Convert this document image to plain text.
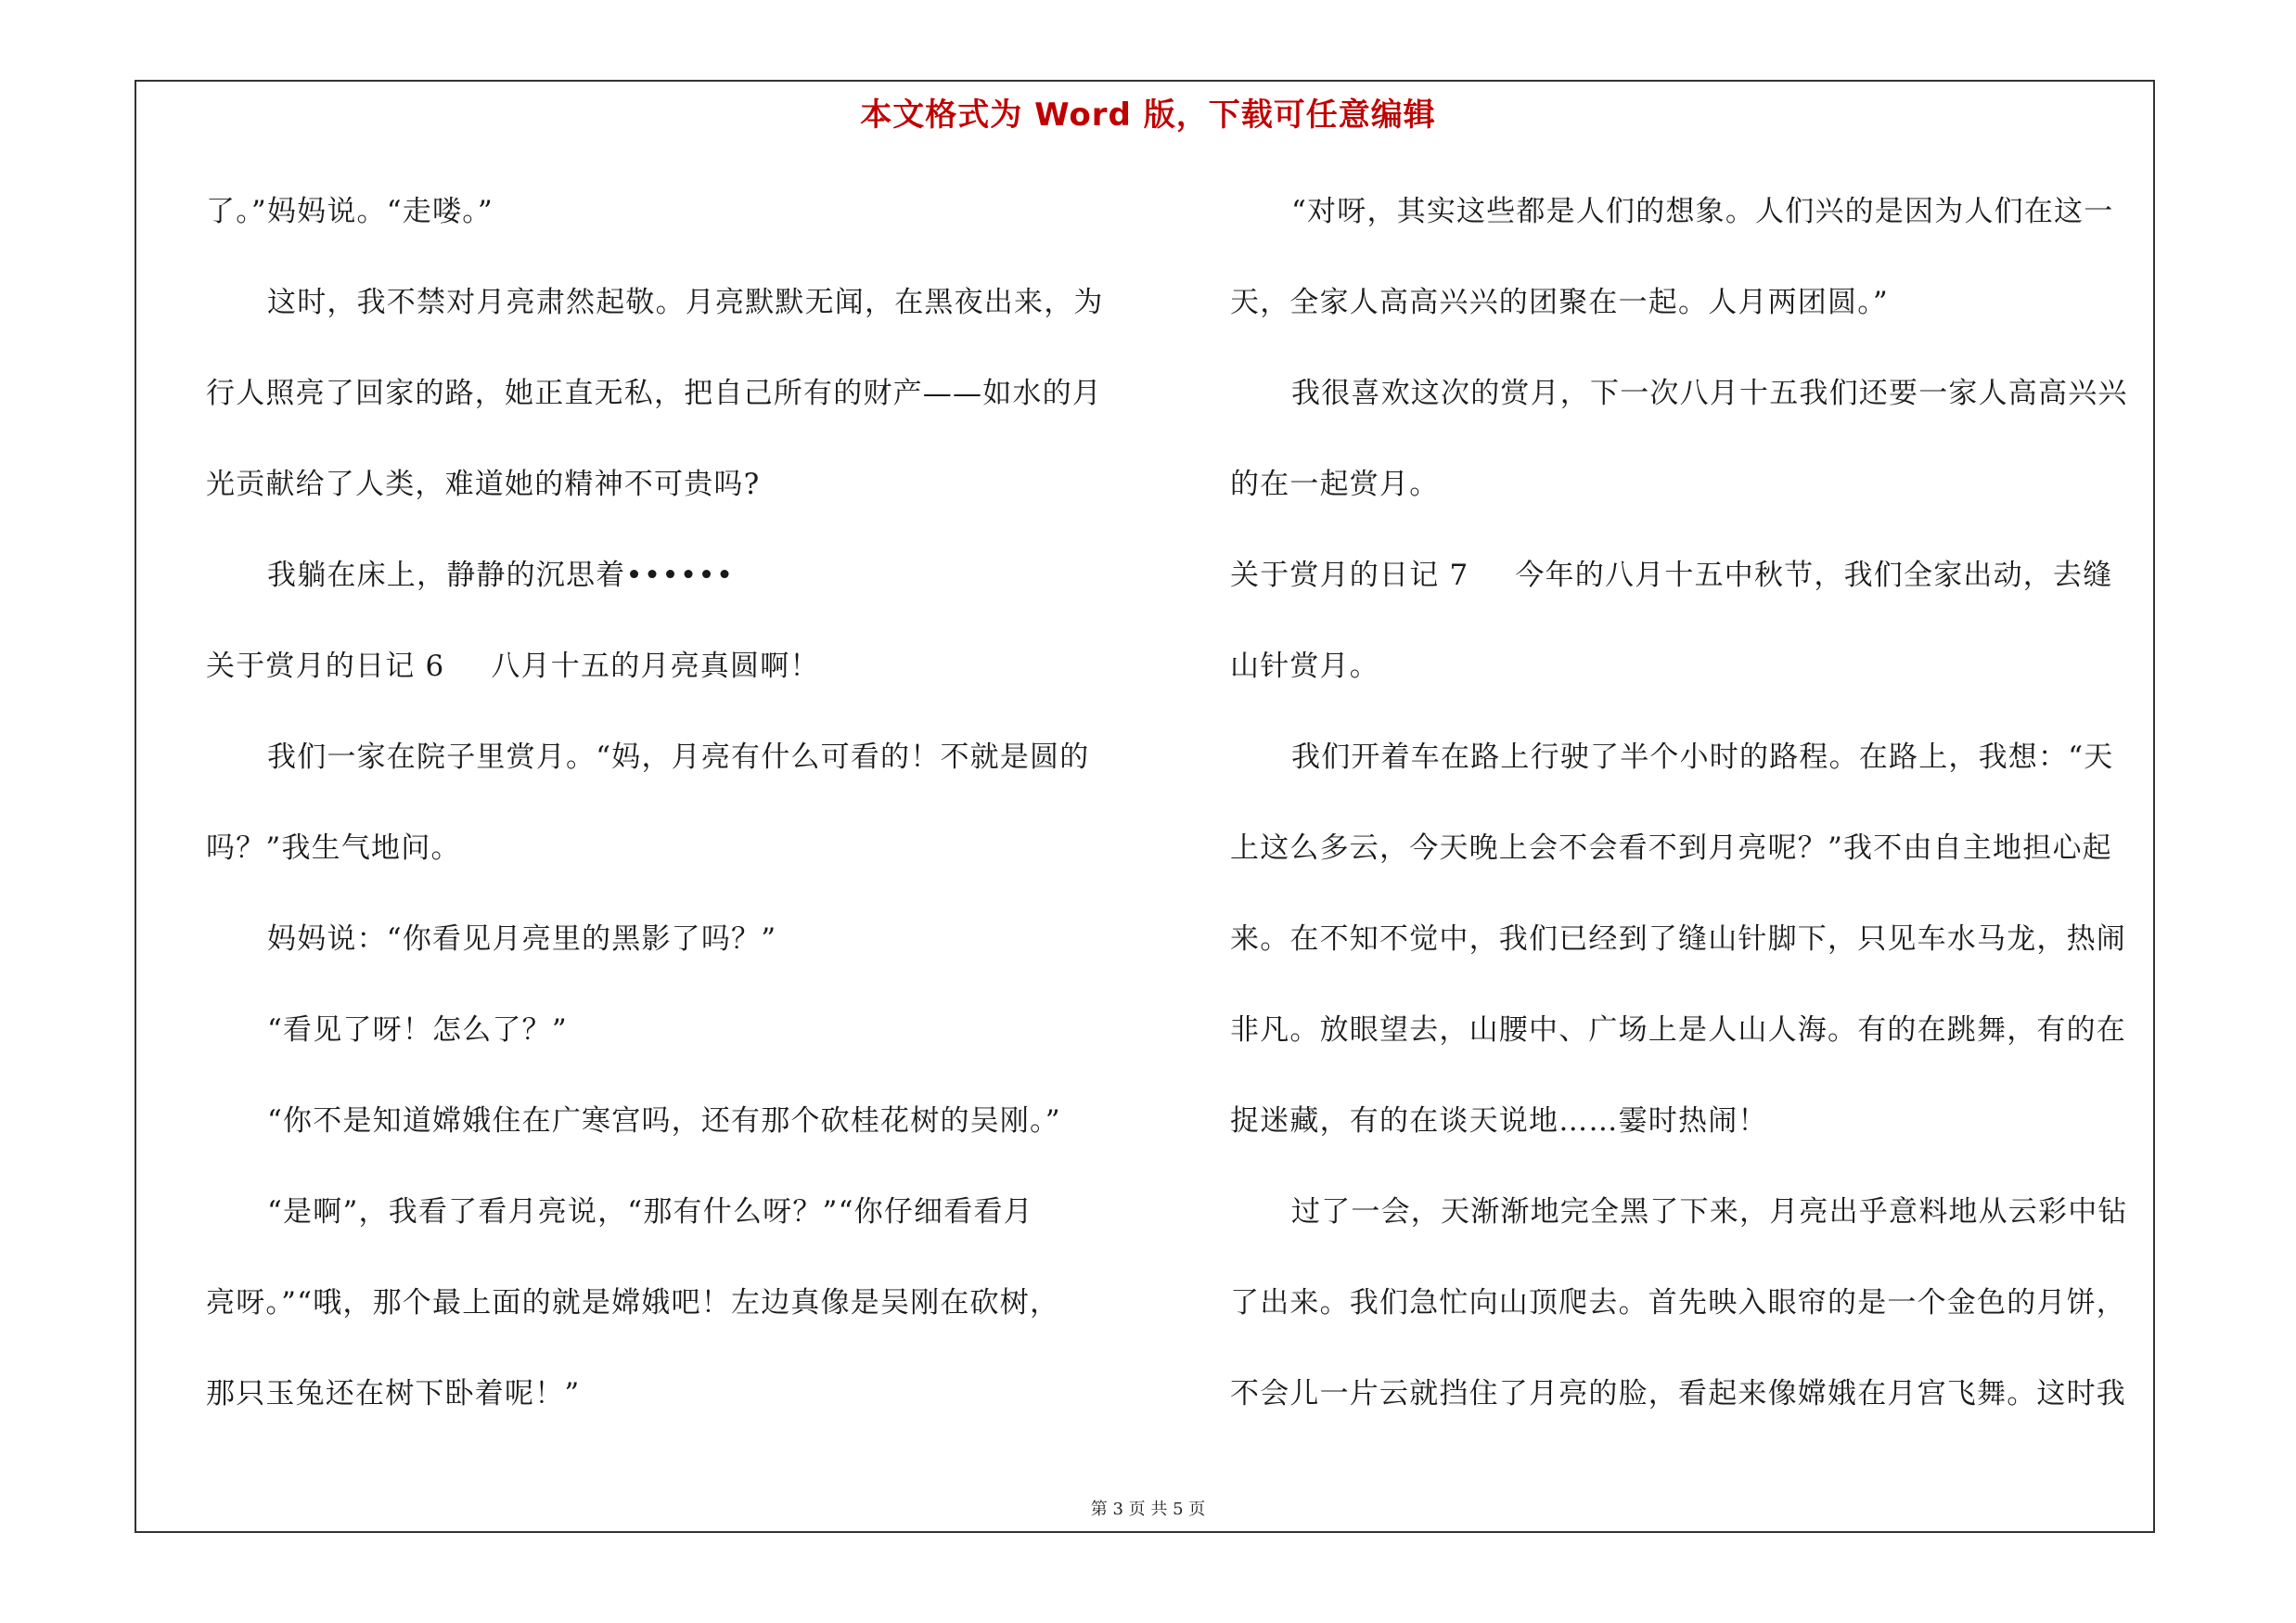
本文格式为 Word 版，下载可任意编辑
了。”妈妈说。“走喽。”
这时，我不禁对月亮肃然起敬。月亮默默无闻，在黑夜出来，为
行人照亮了回家的路，她正直无私，把自己所有的财产——如水的月
光贡献给了人类，难道她的精神不可贵吗?
我躺在床上，静静的沉思着••••••
关于赏月的日记 6 八月十五的月亮真圆啊！
我们一家在院子里赏月。“妈，月亮有什么可看的！不就是圆的
吗？”我生气地问。
妈妈说：“你看见月亮里的黑影了吗？”
“看见了呀！怎么了？”
“你不是知道嫦娥住在广寒宫吗，还有那个砍桂花树的吴刚。”
“是啊”，我看了看月亮说，“那有什么呀？”“你仔细看看月
亮呀。”“哦，那个最上面的就是嫦娥吧！左边真像是吴刚在砍树，
那只玉兔还在树下卧着呢！”
“对呀，其实这些都是人们的想象。人们兴的是因为人们在这一
天，全家人高高兴兴的团聚在一起。人月两团圆。”
我很喜欢这次的赏月，下一次八月十五我们还要一家人高高兴兴
的在一起赏月。
关于赏月的日记 7 今年的八月十五中秋节，我们全家出动，去缝
山针赏月。
我们开着车在路上行驶了半个小时的路程。在路上，我想：“天
上这么多云，今天晚上会不会看不到月亮呢？”我不由自主地担心起
来。在不知不觉中，我们已经到了缝山针脚下，只见车水马龙，热闹
非凡。放眼望去，山腰中、广场上是人山人海。有的在跳舞，有的在
捉迷藏，有的在谈天说地……霎时热闹！
过了一会，天渐渐地完全黑了下来，月亮出乎意料地从云彩中钻
了出来。我们急忙向山顶爬去。首先映入眼帘的是一个金色的月饼，
不会儿一片云就挡住了月亮的脸，看起来像嫦娥在月宫飞舞。这时我
第 3 页 共 5 页
